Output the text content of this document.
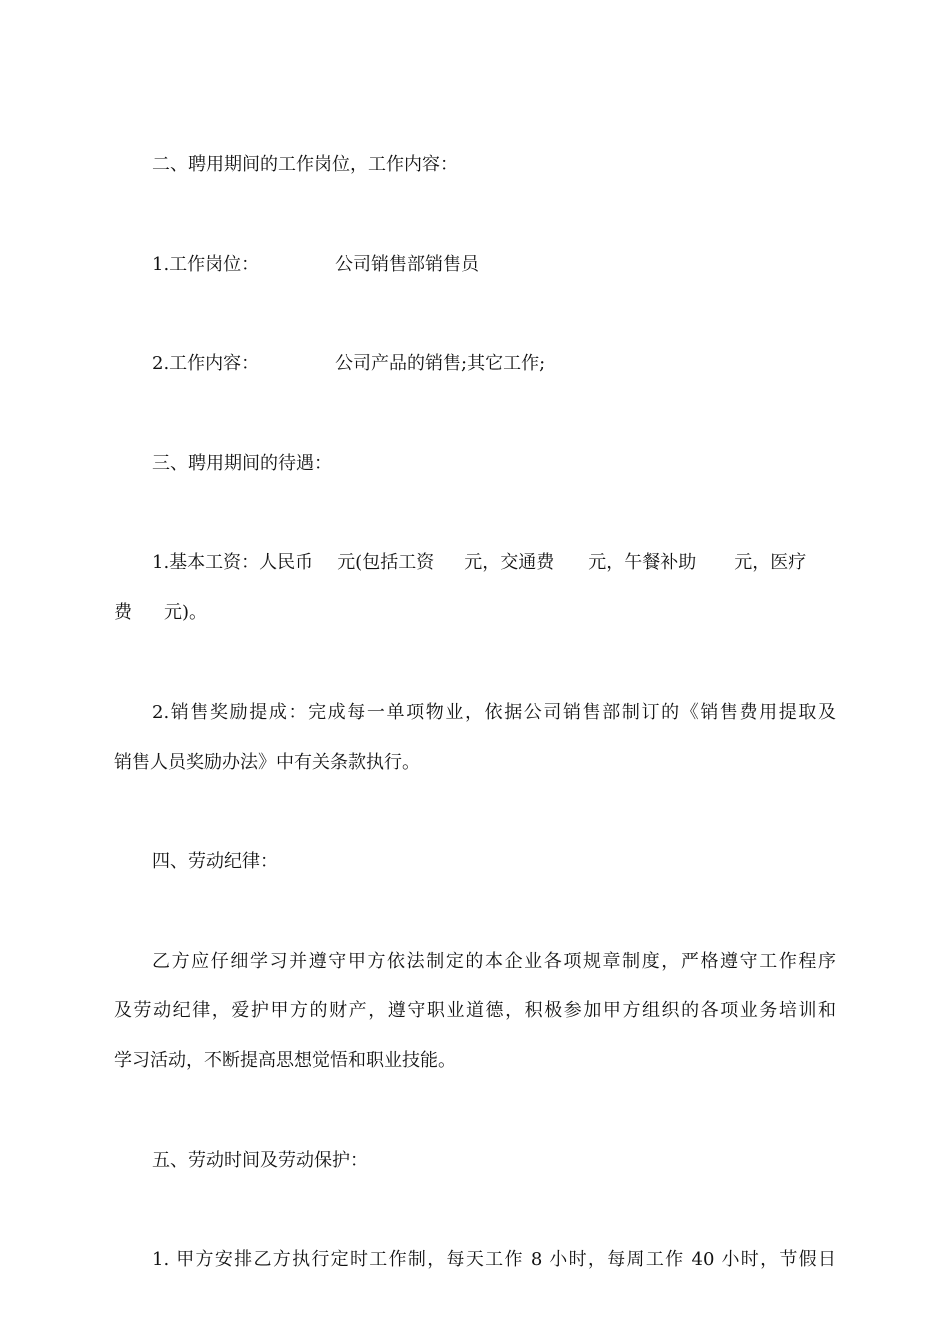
二、聘用期间的工作岗位，工作内容：
1.工作岗位：	公司销售部销售员
2.工作内容：	公司产品的销售;其它工作;
三、聘用期间的待遇：
1.基本工资：人民币 元(包括工资 元，交通费 元，午餐补助 元，医疗
费 元)。
2.销售奖励提成：完成每一单项物业，依据公司销售部制订的《销售费用提取及
销售人员奖励办法》中有关条款执行。
四、劳动纪律：
乙方应仔细学习并遵守甲方依法制定的本企业各项规章制度，严格遵守工作程序
及劳动纪律，爱护甲方的财产，遵守职业道德，积极参加甲方组织的各项业务培训和
学习活动，不断提高思想觉悟和职业技能。
五、劳动时间及劳动保护：
1. 甲方安排乙方执行定时工作制，每天工作 8 小时，每周工作 40 小时，节假日
